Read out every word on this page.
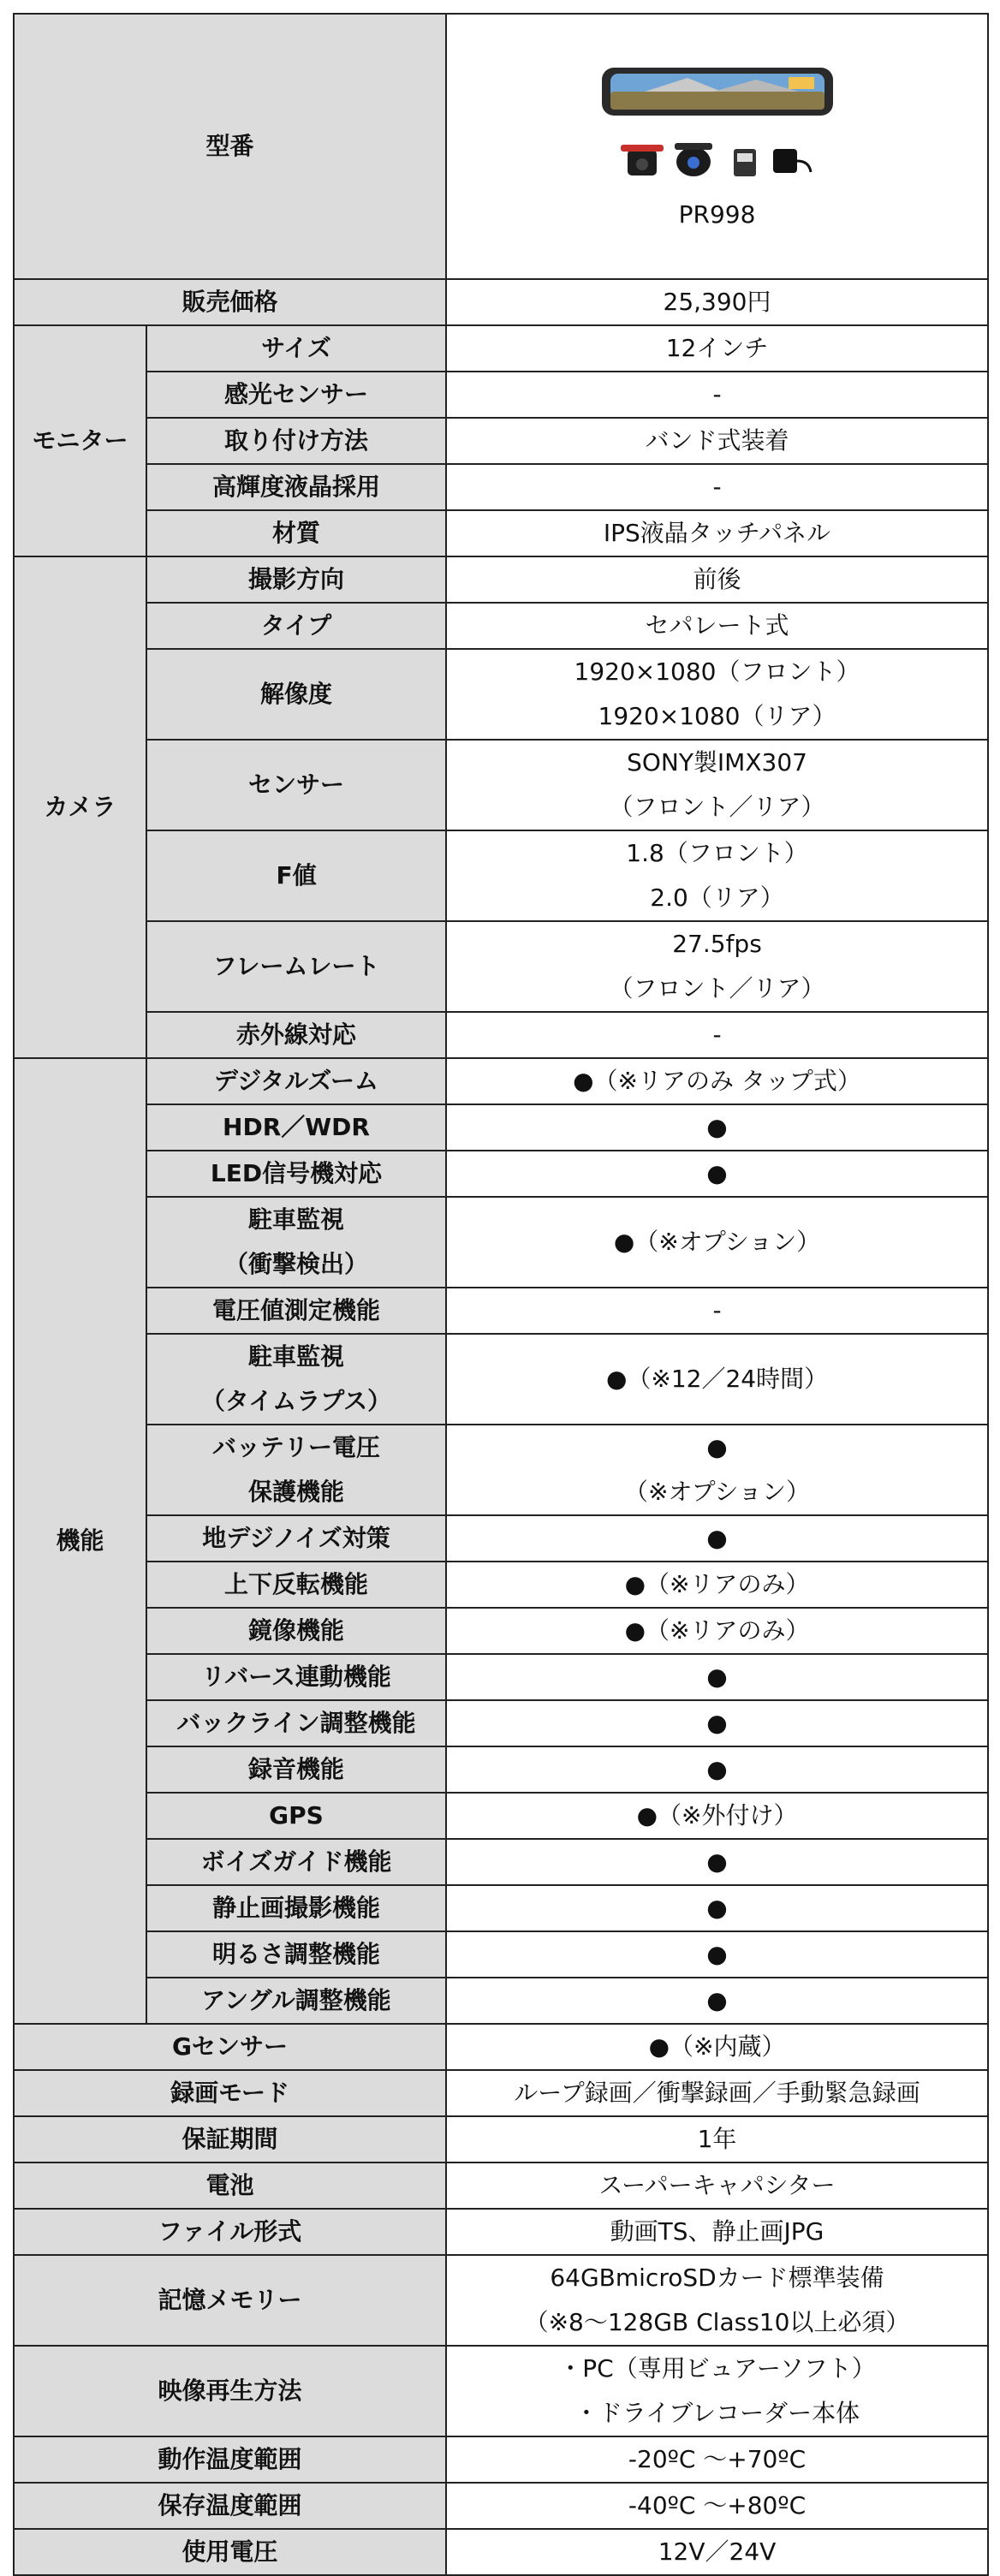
型番		PR998

販売価格		25,390円
モニター	サイズ	12インチ

	感光センサー	-

	取り付け方法	バンド式装着

	高輝度液晶採用	-

	材質	IPS液晶タッチパネル

カメラ	撮影方向	前後

	タイプ	セパレート式

	解像度	1920×1080（フロント）
1920×1080（リア）

	センサー	SONY製IMX307
（フロント／リア）

	F値	1.8（フロント）
2.0（リア）

	フレームレート	27.5fps
（フロント／リア）

	赤外線対応	-

機能	デジタルズーム	●（※リアのみ タップ式）

	HDR／WDR	●

	LED信号機対応	●

	駐車監視
（衝撃検出）	●（※オプション）

	電圧値測定機能	-

	駐車監視
（タイムラプス）	●（※12／24時間）

	バッテリー電圧
保護機能	●
（※オプション）

	地デジノイズ対策	●

	上下反転機能	●（※リアのみ）

	鏡像機能	●（※リアのみ）

	リバース連動機能	●

	バックライン調整機能	●

	録音機能	●

	GPS	●（※外付け）

	ボイズガイド機能	●

	静止画撮影機能	●

	明るさ調整機能	●

	アングル調整機能	●

Gセンサー		●（※内蔵）

録画モード		ループ録画／衝撃録画／手動緊急録画

保証期間		1年

電池		スーパーキャパシター

ファイル形式		動画TS、静止画JPG

記憶メモリー		64GBmicroSDカード標準装備
（※8～128GB Class10以上必須）

映像再生方法		・PC（専用ビュアーソフト）
・ドライブレコーダー本体

動作温度範囲		-20ºC ～+70ºC

保存温度範囲		-40ºC ～+80ºC

使用電圧		12V／24V
